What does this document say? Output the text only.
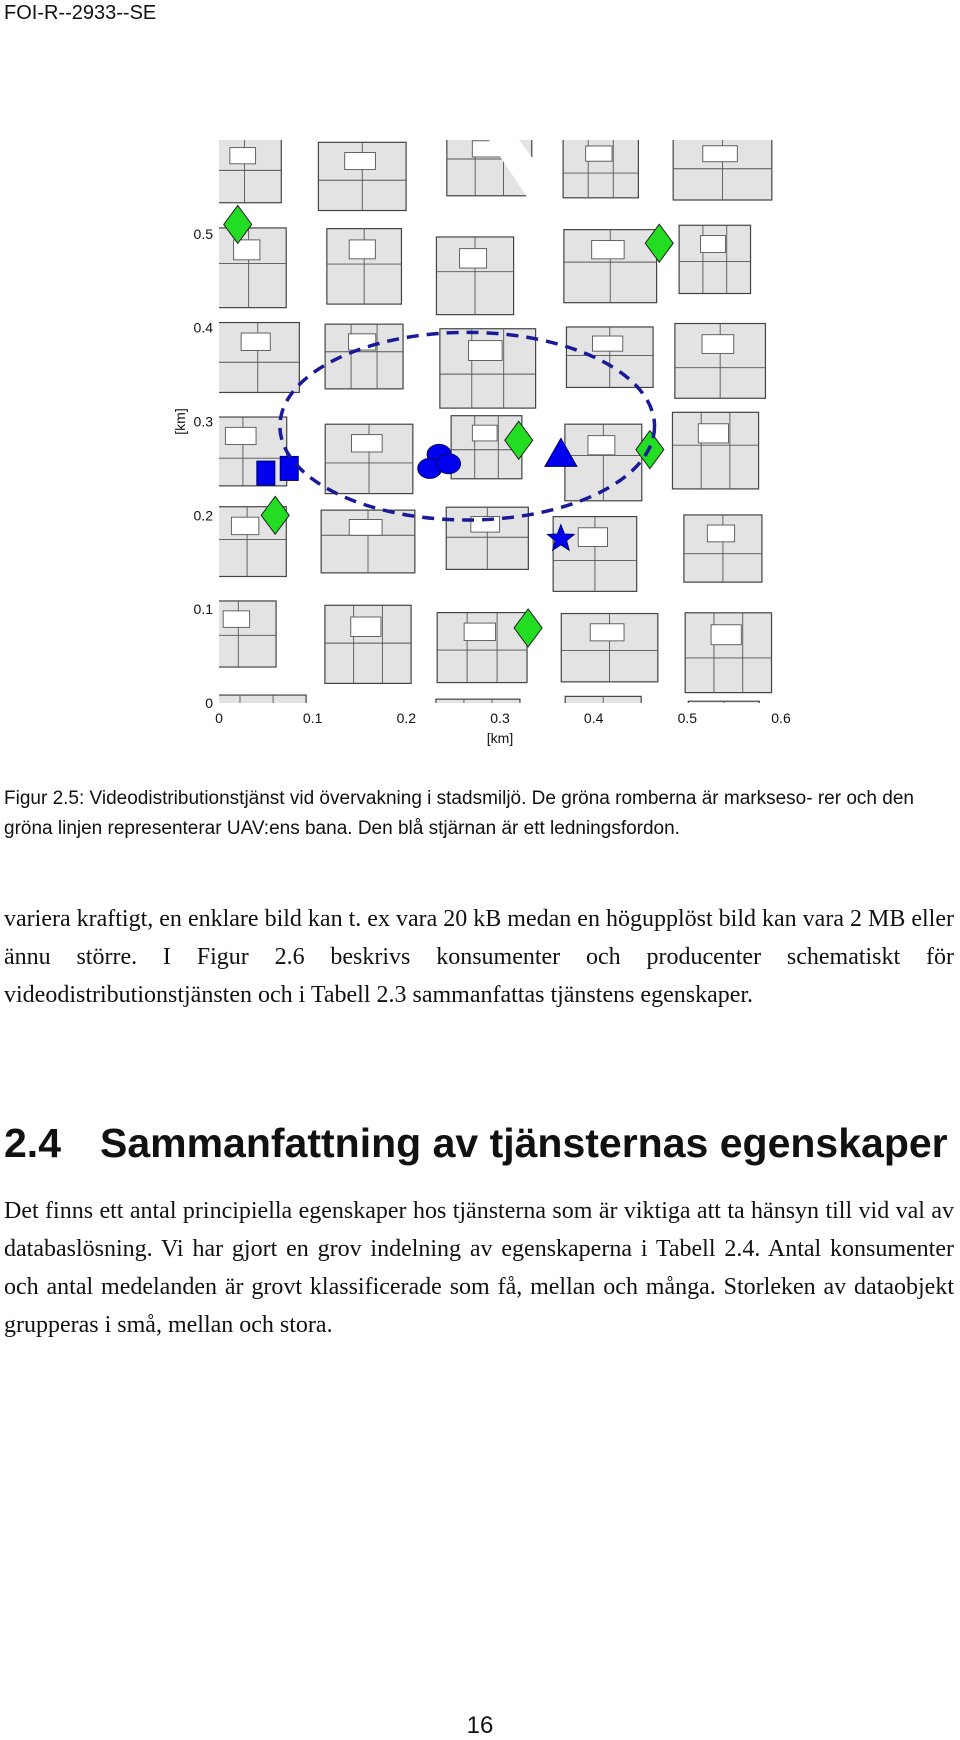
FOI-R--2933--SE
0	0.1	0.2	0.3	0.4	0.5	0.6
0
0.1
0.2
0.3
0.4
0.5
[km]
[km]
Figur 2.5: Videodistributionstjänst vid övervakning i stadsmiljö. De gröna romberna är markseso- rer och den gröna linjen representerar UAV:ens bana. Den blå stjärnan är ett ledningsfordon.
variera kraftigt, en enklare bild kan t. ex vara 20 kB medan en högupplöst bild kan vara 2 MB eller ännu större. I Figur 2.6 beskrivs konsumenter och producenter schematiskt för videodistributionstjänsten och i Tabell 2.3 sammanfattas tjänstens egenskaper.
2.4 Sammanfattning av tjänsternas egenskaper
Det finns ett antal principiella egenskaper hos tjänsterna som är viktiga att ta hänsyn till vid val av databaslösning. Vi har gjort en grov indelning av egenskaperna i Tabell 2.4. Antal konsumenter och antal medelanden är grovt klassificerade som få, mellan och många. Storleken av dataobjekt grupperas i små, mellan och stora.
16
